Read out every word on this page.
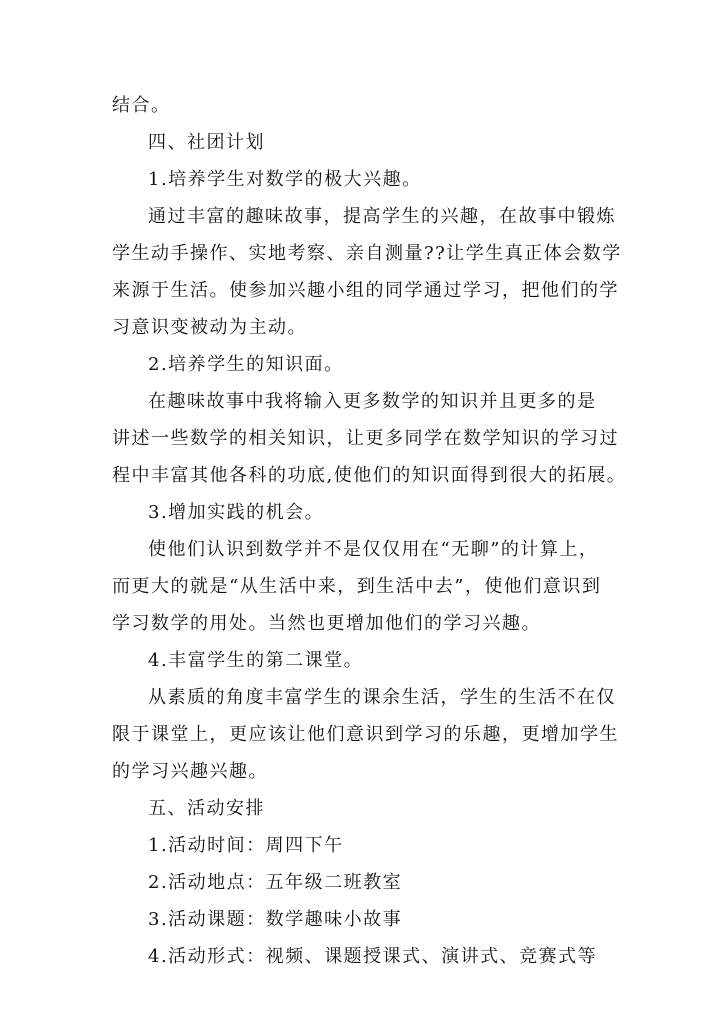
结合。
四、社团计划
1.培养学生对数学的极大兴趣。
通过丰富的趣味故事，提高学生的兴趣，在故事中锻炼
学生动手操作、实地考察、亲自测量??让学生真正体会数学
来源于生活。使参加兴趣小组的同学通过学习，把他们的学
习意识变被动为主动。
2.培养学生的知识面。
在趣味故事中我将输入更多数学的知识并且更多的是
讲述一些数学的相关知识，让更多同学在数学知识的学习过
程中丰富其他各科的功底,使他们的知识面得到很大的拓展。
3.增加实践的机会。
使他们认识到数学并不是仅仅用在“无聊”的计算上，
而更大的就是“从生活中来，到生活中去”，使他们意识到
学习数学的用处。当然也更增加他们的学习兴趣。
4.丰富学生的第二课堂。
从素质的角度丰富学生的课余生活，学生的生活不在仅
限于课堂上，更应该让他们意识到学习的乐趣，更增加学生
的学习兴趣兴趣。
五、活动安排
1.活动时间：周四下午
2.活动地点：五年级二班教室
3.活动课题：数学趣味小故事
4.活动形式：视频、课题授课式、演讲式、竞赛式等
